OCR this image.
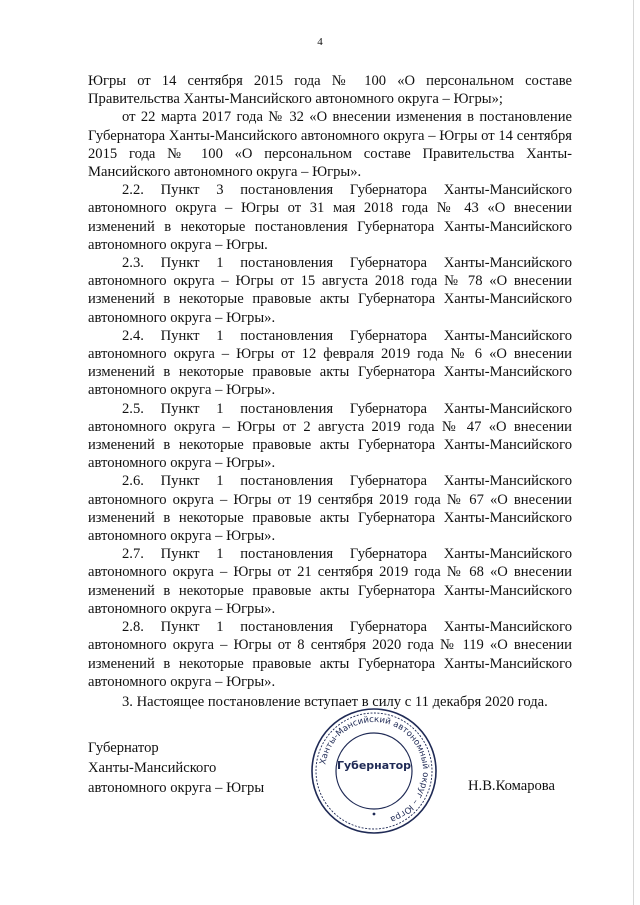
4

Югры от 14 сентября 2015 года № 100 «О персональном составе Правительства Ханты-Мансийского автономного округа – Югры»;

от 22 марта 2017 года № 32 «О внесении изменения в постановление Губернатора Ханты-Мансийского автономного округа – Югры от 14 сентября 2015 года № 100 «О персональном составе Правительства Ханты-Мансийского автономного округа – Югры».

2.2. Пункт 3 постановления Губернатора Ханты-Мансийского автономного округа – Югры от 31 мая 2018 года № 43 «О внесении изменений в некоторые постановления Губернатора Ханты-Мансийского автономного округа – Югры.

2.3. Пункт 1 постановления Губернатора Ханты-Мансийского автономного округа – Югры от 15 августа 2018 года № 78 «О внесении изменений в некоторые правовые акты Губернатора Ханты-Мансийского автономного округа – Югры».

2.4. Пункт 1 постановления Губернатора Ханты-Мансийского автономного округа – Югры от 12 февраля 2019 года № 6 «О внесении изменений в некоторые правовые акты Губернатора Ханты-Мансийского автономного округа – Югры».

2.5. Пункт 1 постановления Губернатора Ханты-Мансийского автономного округа – Югры от 2 августа 2019 года № 47 «О внесении изменений в некоторые правовые акты Губернатора Ханты-Мансийского автономного округа – Югры».

2.6. Пункт 1 постановления Губернатора Ханты-Мансийского автономного округа – Югры от 19 сентября 2019 года № 67 «О внесении изменений в некоторые правовые акты Губернатора Ханты-Мансийского автономного округа – Югры».

2.7. Пункт 1 постановления Губернатора Ханты-Мансийского автономного округа – Югры от 21 сентября 2019 года № 68 «О внесении изменений в некоторые правовые акты Губернатора Ханты-Мансийского автономного округа – Югры».

2.8. Пункт 1 постановления Губернатора Ханты-Мансийского автономного округа – Югры от 8 сентября 2020 года № 119 «О внесении изменений в некоторые правовые акты Губернатора Ханты-Мансийского автономного округа – Югры».

3. Настоящее постановление вступает в силу с 11 декабря 2020 года.

Губернатор
Ханты-Мансийского
автономного округа – Югры	Н.В.Комарова
Ханты-Мансийский автономный округ – Югра
Губернатор
